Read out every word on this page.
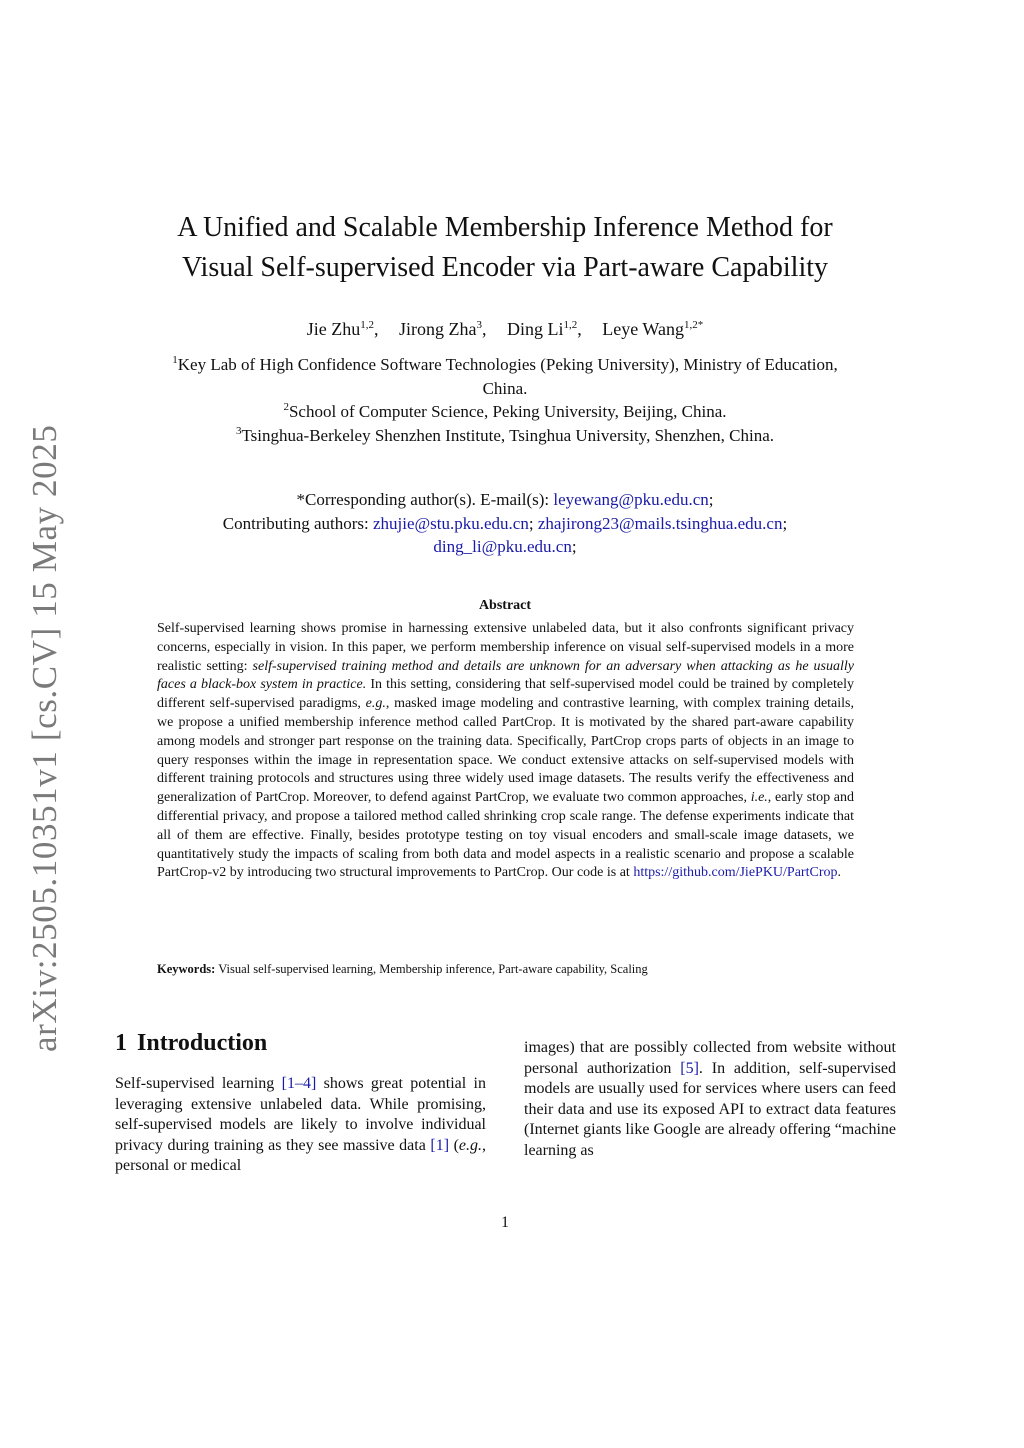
arXiv:2505.10351v1 [cs.CV] 15 May 2025
A Unified and Scalable Membership Inference Method for
Visual Self-supervised Encoder via Part-aware Capability
Jie Zhu$^{1,2}$, Jirong Zha$^3$, Ding Li$^{1,2}$, Leye Wang$^{1,2*}$
$^1$Key Lab of High Confidence Software Technologies (Peking University), Ministry of Education, China.
$^2$School of Computer Science, Peking University, Beijing, China.
$^3$Tsinghua-Berkeley Shenzhen Institute, Tsinghua University, Shenzhen, China.
*Corresponding author(s). E-mail(s): leyewang@pku.edu.cn;
Contributing authors: zhujie@stu.pku.edu.cn; zhajirong23@mails.tsinghua.edu.cn;
ding_li@pku.edu.cn;
Abstract
Self-supervised learning shows promise in harnessing extensive unlabeled data, but it also confronts significant privacy concerns, especially in vision. In this paper, we perform membership inference on visual self-supervised models in a more realistic setting: self-supervised training method and details are unknown for an adversary when attacking as he usually faces a black-box system in practice. In this setting, considering that self-supervised model could be trained by completely different self-supervised paradigms, e.g., masked image modeling and contrastive learning, with complex training details, we propose a unified membership inference method called PartCrop. It is motivated by the shared part-aware capability among models and stronger part response on the training data. Specifically, PartCrop crops parts of objects in an image to query responses within the image in representation space. We conduct extensive attacks on self-supervised models with different training protocols and structures using three widely used image datasets. The results verify the effectiveness and generalization of PartCrop. Moreover, to defend against PartCrop, we evaluate two common approaches, i.e., early stop and differential privacy, and propose a tailored method called shrinking crop scale range. The defense experiments indicate that all of them are effective. Finally, besides prototype testing on toy visual encoders and small-scale image datasets, we quantitatively study the impacts of scaling from both data and model aspects in a realistic scenario and propose a scalable PartCrop-v2 by introducing two structural improvements to PartCrop. Our code is at https://github.com/JiePKU/PartCrop.
Keywords: Visual self-supervised learning, Membership inference, Part-aware capability, Scaling
1 Introduction
Self-supervised learning [1–4] shows great potential in leveraging extensive unlabeled data. While promising, self-supervised models are likely to involve individual privacy during training as they see massive data [1] (e.g., personal or medical
images) that are possibly collected from website without personal authorization [5]. In addition, self-supervised models are usually used for services where users can feed their data and use its exposed API to extract data features (Internet giants like Google are already offering “machine learning as
1
